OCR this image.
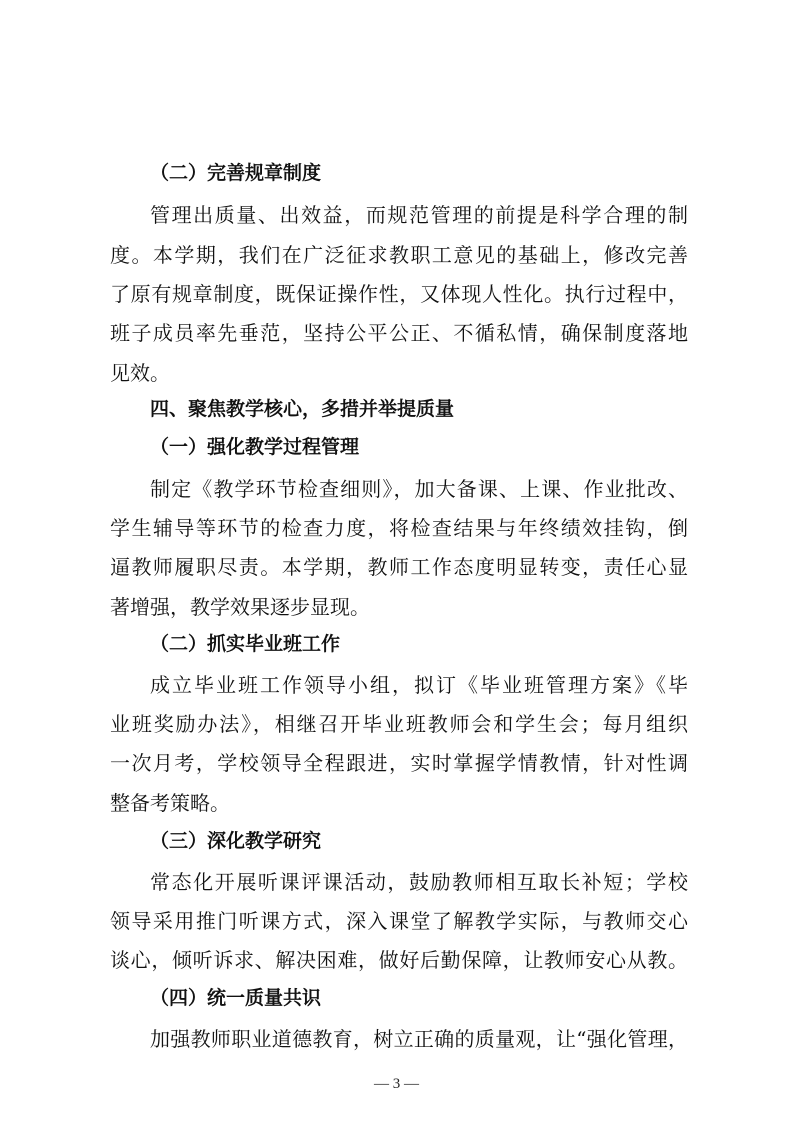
（二）完善规章制度
管理出质量、出效益，而规范管理的前提是科学合理的制
度。本学期，我们在广泛征求教职工意见的基础上，修改完善
了原有规章制度，既保证操作性，又体现人性化。执行过程中，
班子成员率先垂范，坚持公平公正、不循私情，确保制度落地
见效。
四、聚焦教学核心，多措并举提质量
（一）强化教学过程管理
制定《教学环节检查细则》，加大备课、上课、作业批改、
学生辅导等环节的检查力度，将检查结果与年终绩效挂钩，倒
逼教师履职尽责。本学期，教师工作态度明显转变，责任心显
著增强，教学效果逐步显现。
（二）抓实毕业班工作
成立毕业班工作领导小组，拟订《毕业班管理方案》《毕
业班奖励办法》，相继召开毕业班教师会和学生会；每月组织
一次月考，学校领导全程跟进，实时掌握学情教情，针对性调
整备考策略。
（三）深化教学研究
常态化开展听课评课活动，鼓励教师相互取长补短；学校
领导采用推门听课方式，深入课堂了解教学实际，与教师交心
谈心，倾听诉求、解决困难，做好后勤保障，让教师安心从教。
（四）统一质量共识
加强教师职业道德教育，树立正确的质量观，让“强化管理，
— 3 —
